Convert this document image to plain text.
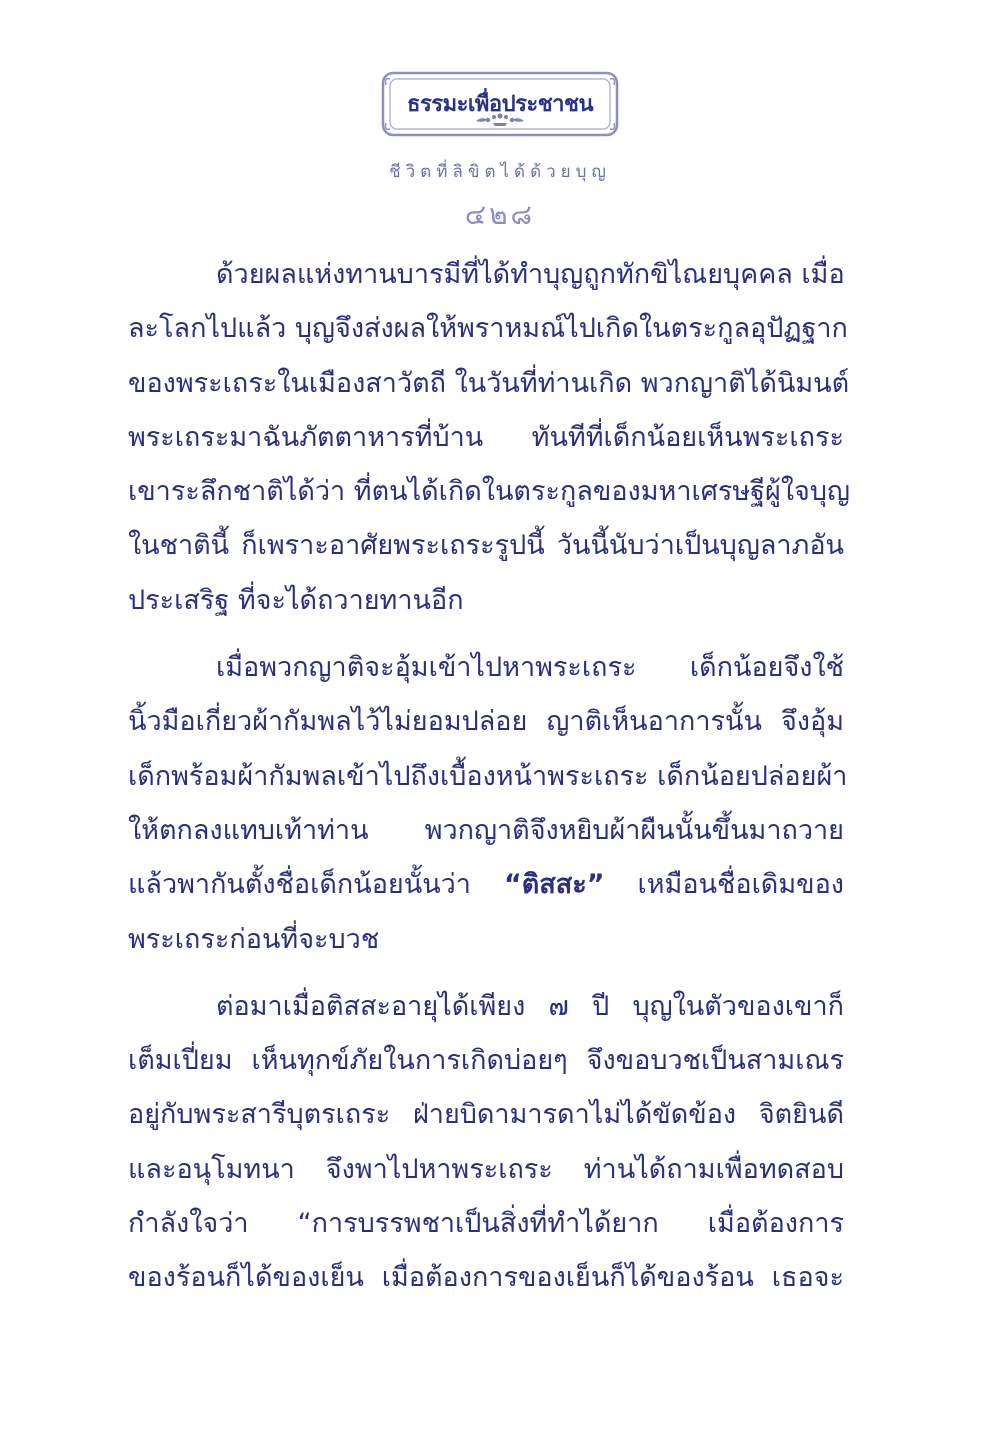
ธรรมะเพื่อประชาชน
ชีวิตที่ลิขิตได้ด้วยบุญ
๔๒๘
ด้วยผลแห่งทานบารมีที่ได้ทำบุญถูกทักขิไณยบุคคล เมื่อ
ละโลกไปแล้ว บุญจึงส่งผลให้พราหมณ์ไปเกิดในตระกูลอุปัฏฐาก
ของพระเถระในเมืองสาวัตถี ในวันที่ท่านเกิด พวกญาติได้นิมนต์
พระเถระมาฉันภัตตาหารที่บ้าน ทันทีที่เด็กน้อยเห็นพระเถระ
เขาระลึกชาติได้ว่า ที่ตนได้เกิดในตระกูลของมหาเศรษฐีผู้ใจบุญ
ในชาตินี้ ก็เพราะอาศัยพระเถระรูปนี้ วันนี้นับว่าเป็นบุญลาภอัน
ประเสริฐ ที่จะได้ถวายทานอีก
เมื่อพวกญาติจะอุ้มเข้าไปหาพระเถระ เด็กน้อยจึงใช้
นิ้วมือเกี่ยวผ้ากัมพลไว้ไม่ยอมปล่อย ญาติเห็นอาการนั้น จึงอุ้ม
เด็กพร้อมผ้ากัมพลเข้าไปถึงเบื้องหน้าพระเถระ เด็กน้อยปล่อยผ้า
ให้ตกลงแทบเท้าท่าน พวกญาติจึงหยิบผ้าผืนนั้นขึ้นมาถวาย
แล้วพากันตั้งชื่อเด็กน้อยนั้นว่า “ติสสะ” เหมือนชื่อเดิมของ
พระเถระก่อนที่จะบวช
ต่อมาเมื่อติสสะอายุได้เพียง ๗ ปี บุญในตัวของเขาก็
เต็มเปี่ยม เห็นทุกข์ภัยในการเกิดบ่อยๆ จึงขอบวชเป็นสามเณร
อยู่กับพระสารีบุตรเถระ ฝ่ายบิดามารดาไม่ได้ขัดข้อง จิตยินดี
และอนุโมทนา จึงพาไปหาพระเถระ ท่านได้ถามเพื่อทดสอบ
กำลังใจว่า “การบรรพชาเป็นสิ่งที่ทำได้ยาก เมื่อต้องการ
ของร้อนก็ได้ของเย็น เมื่อต้องการของเย็นก็ได้ของร้อน เธอจะ
